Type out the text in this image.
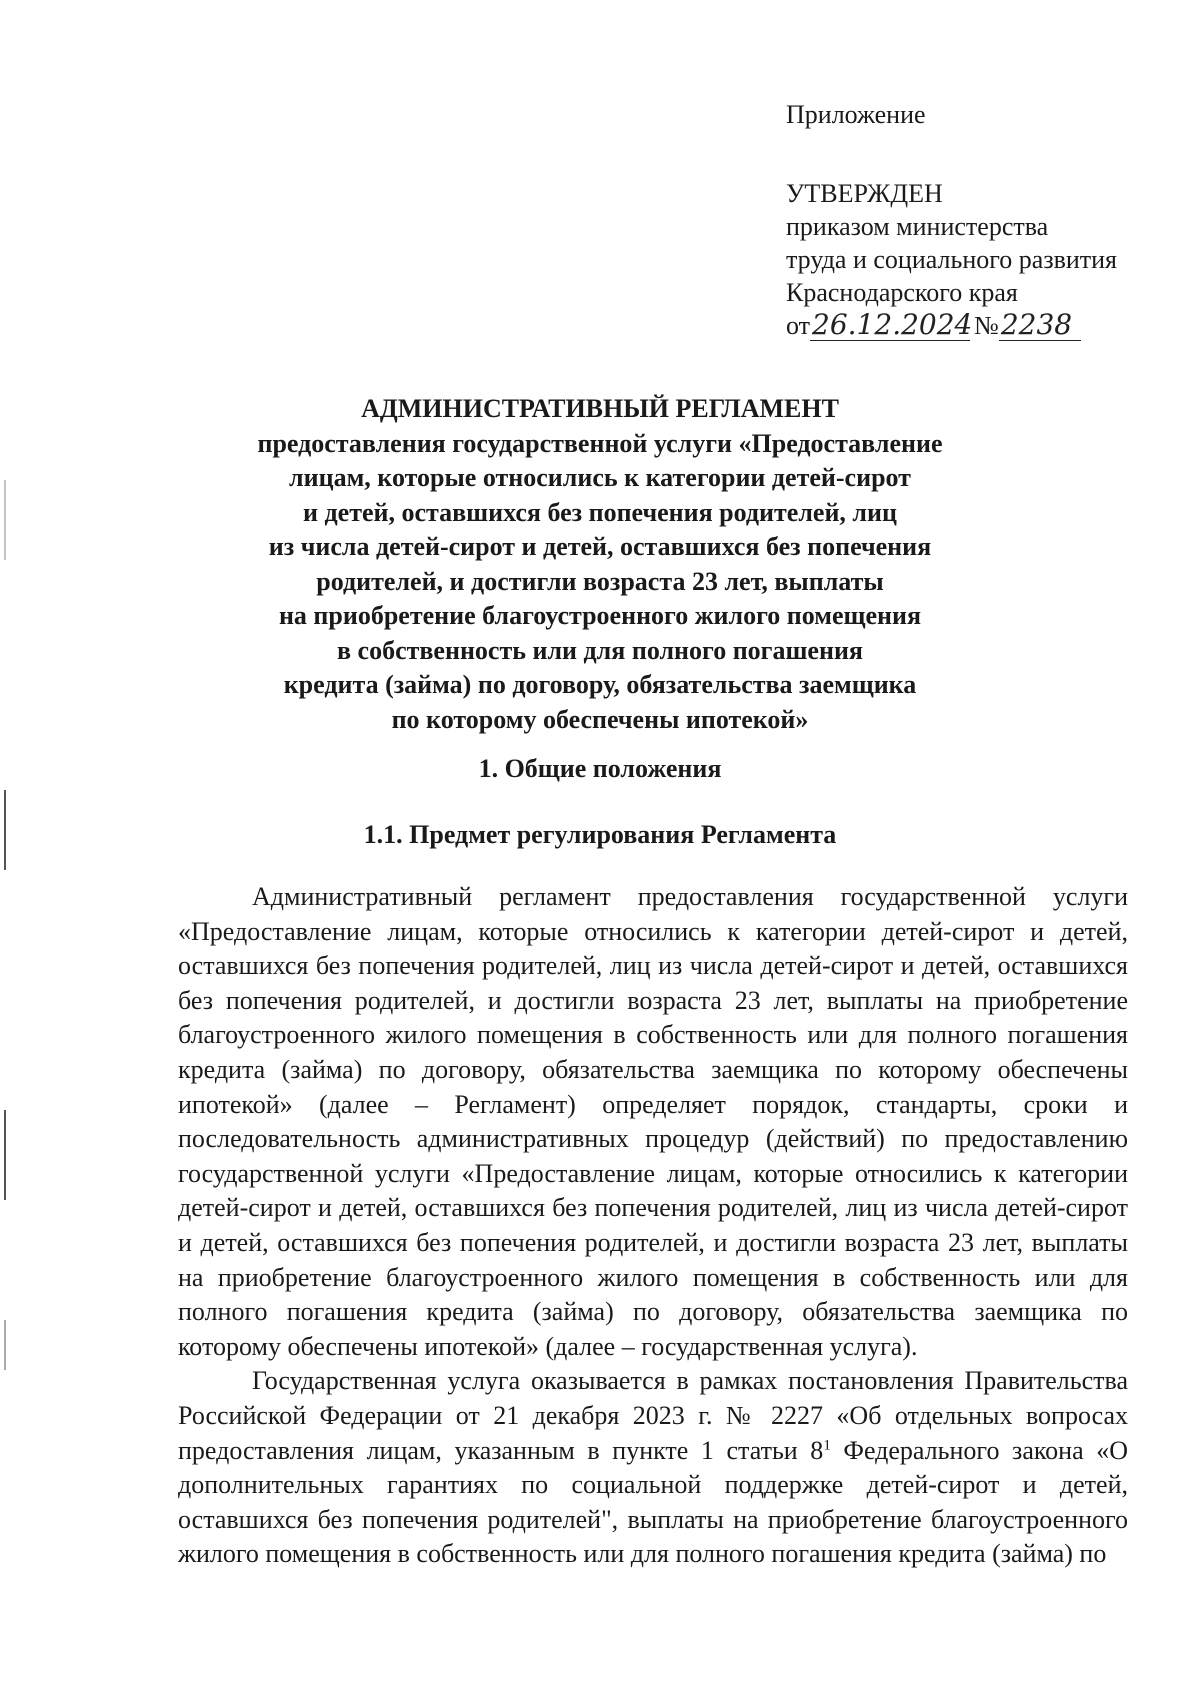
Приложение
УТВЕРЖДЕН
приказом министерства
труда и социального развития
Краснодарского края
от 26.12.2024 № 2238
АДМИНИСТРАТИВНЫЙ РЕГЛАМЕНТ
предоставления государственной услуги «Предоставление
лицам, которые относились к категории детей-сирот
и детей, оставшихся без попечения родителей, лиц
из числа детей-сирот и детей, оставшихся без попечения
родителей, и достигли возраста 23 лет, выплаты
на приобретение благоустроенного жилого помещения
в собственность или для полного погашения
кредита (займа) по договору, обязательства заемщика
по которому обеспечены ипотекой»
1. Общие положения
1.1. Предмет регулирования Регламента

Административный регламент предоставления государственной услуги «Предоставление лицам, которые относились к категории детей-сирот и детей, оставшихся без попечения родителей, лиц из числа детей-сирот и детей, оставшихся без попечения родителей, и достигли возраста 23 лет, выплаты на приобретение благоустроенного жилого помещения в собственность или для полного погашения кредита (займа) по договору, обязательства заемщика по которому обеспечены ипотекой» (далее – Регламент) определяет порядок, стандарты, сроки и последовательность административных процедур (действий) по предоставлению государственной услуги «Предоставление лицам, которые относились к категории детей-сирот и детей, оставшихся без попечения родителей, лиц из числа детей-сирот и детей, оставшихся без попечения родителей, и достигли возраста 23 лет, выплаты на приобретение благоустроенного жилого помещения в собственность или для полного погашения кредита (займа) по договору, обязательства заемщика по которому обеспечены ипотекой» (далее – государственная услуга).

Государственная услуга оказывается в рамках постановления Правительства Российской Федерации от 21 декабря 2023 г. № 2227 «Об отдельных вопросах предоставления лицам, указанным в пункте 1 статьи $8^1$ Федерального закона «О дополнительных гарантиях по социальной поддержке детей-сирот и детей, оставшихся без попечения родителей", выплаты на приобретение благоустроенного жилого помещения в собственность или для полного погашения кредита (займа) по
